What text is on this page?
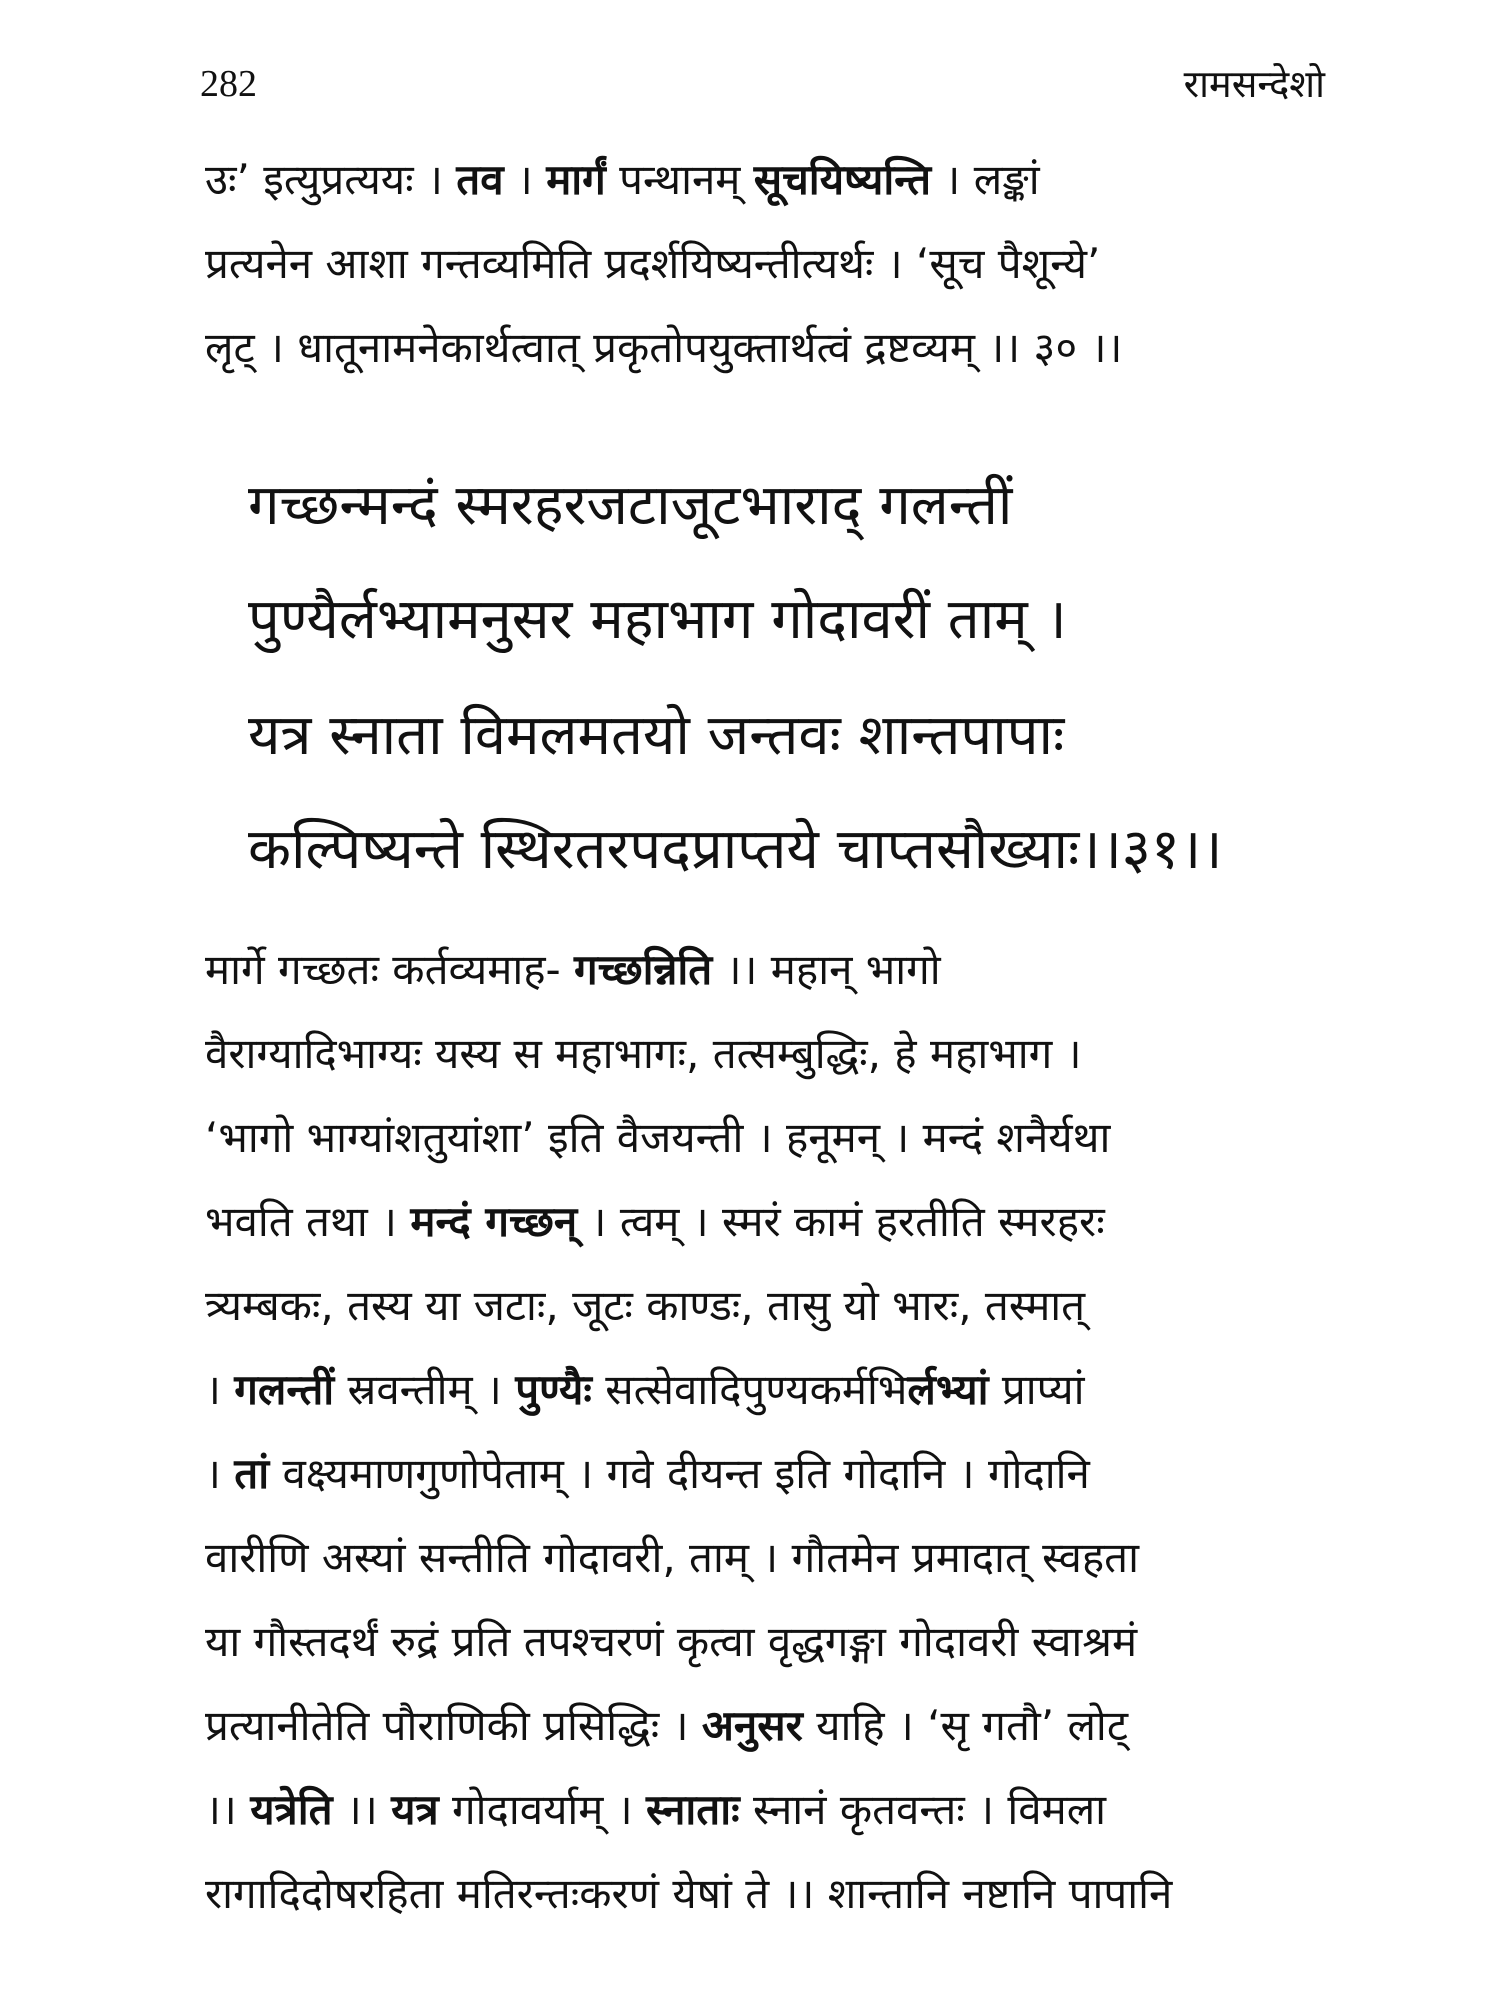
282	रामसन्देशो
उः’ इत्युप्रत्ययः । तव । मार्गं पन्थानम् सूचयिष्यन्ति । लङ्कां
प्रत्यनेन आशा गन्तव्यमिति प्रदर्शयिष्यन्तीत्यर्थः । ‘सूच पैशून्ये’
लृट् । धातूनामनेकार्थत्वात् प्रकृतोपयुक्तार्थत्वं द्रष्टव्यम् ।। ३० ।।
गच्छन्मन्दं स्मरहरजटाजूटभाराद् गलन्तीं
पुण्यैर्लभ्यामनुसर महाभाग गोदावरीं ताम् ।
यत्र स्नाता विमलमतयो जन्तवः शान्तपापाः
कल्पिष्यन्ते स्थिरतरपदप्राप्तये चाप्तसौख्याः।।३१।।
मार्गे गच्छतः कर्तव्यमाह- गच्छन्निति ।। महान् भागो
वैराग्यादिभाग्यः यस्य स महाभागः, तत्सम्बुद्धिः, हे महाभाग ।
‘भागो भाग्यांशतुयांशा’ इति वैजयन्ती । हनूमन् । मन्दं शनैर्यथा
भवति तथा । मन्दं गच्छन् । त्वम् । स्मरं कामं हरतीति स्मरहरः
त्र्यम्बकः, तस्य या जटाः, जूटः काण्डः, तासु यो भारः, तस्मात्
। गलन्तीं स्रवन्तीम् । पुण्यैः सत्सेवादिपुण्यकर्मभिर्लभ्यां प्राप्यां
। तां वक्ष्यमाणगुणोपेताम् । गवे दीयन्त इति गोदानि । गोदानि
वारीणि अस्यां सन्तीति गोदावरी, ताम् । गौतमेन प्रमादात् स्वहता
या गौस्तदर्थं रुद्रं प्रति तपश्चरणं कृत्वा वृद्धगङ्गा गोदावरी स्वाश्रमं
प्रत्यानीतेति पौराणिकी प्रसिद्धिः । अनुसर याहि । ‘सृ गतौ’ लोट्
।। यत्रेति ।। यत्र गोदावर्याम् । स्नाताः स्नानं कृतवन्तः । विमला
रागादिदोषरहिता मतिरन्तःकरणं येषां ते ।। शान्तानि नष्टानि पापानि
